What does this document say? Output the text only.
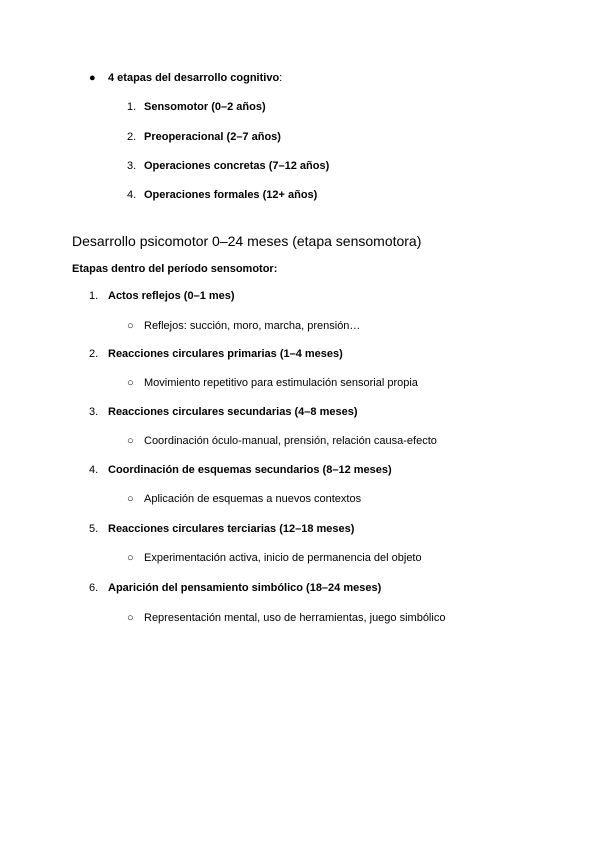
● 4 etapas del desarrollo cognitivo:
1. Sensomotor (0–2 años)
2. Preoperacional (2–7 años)
3. Operaciones concretas (7–12 años)
4. Operaciones formales (12+ años)
Desarrollo psicomotor 0–24 meses (etapa sensomotora)
Etapas dentro del período sensomotor:
1. Actos reflejos (0–1 mes)
○ Reflejos: succión, moro, marcha, prensión…
2. Reacciones circulares primarias (1–4 meses)
○ Movimiento repetitivo para estimulación sensorial propia
3. Reacciones circulares secundarias (4–8 meses)
○ Coordinación óculo-manual, prensión, relación causa-efecto
4. Coordinación de esquemas secundarios (8–12 meses)
○ Aplicación de esquemas a nuevos contextos
5. Reacciones circulares terciarias (12–18 meses)
○ Experimentación activa, inicio de permanencia del objeto
6. Aparición del pensamiento simbólico (18–24 meses)
○ Representación mental, uso de herramientas, juego simbólico
